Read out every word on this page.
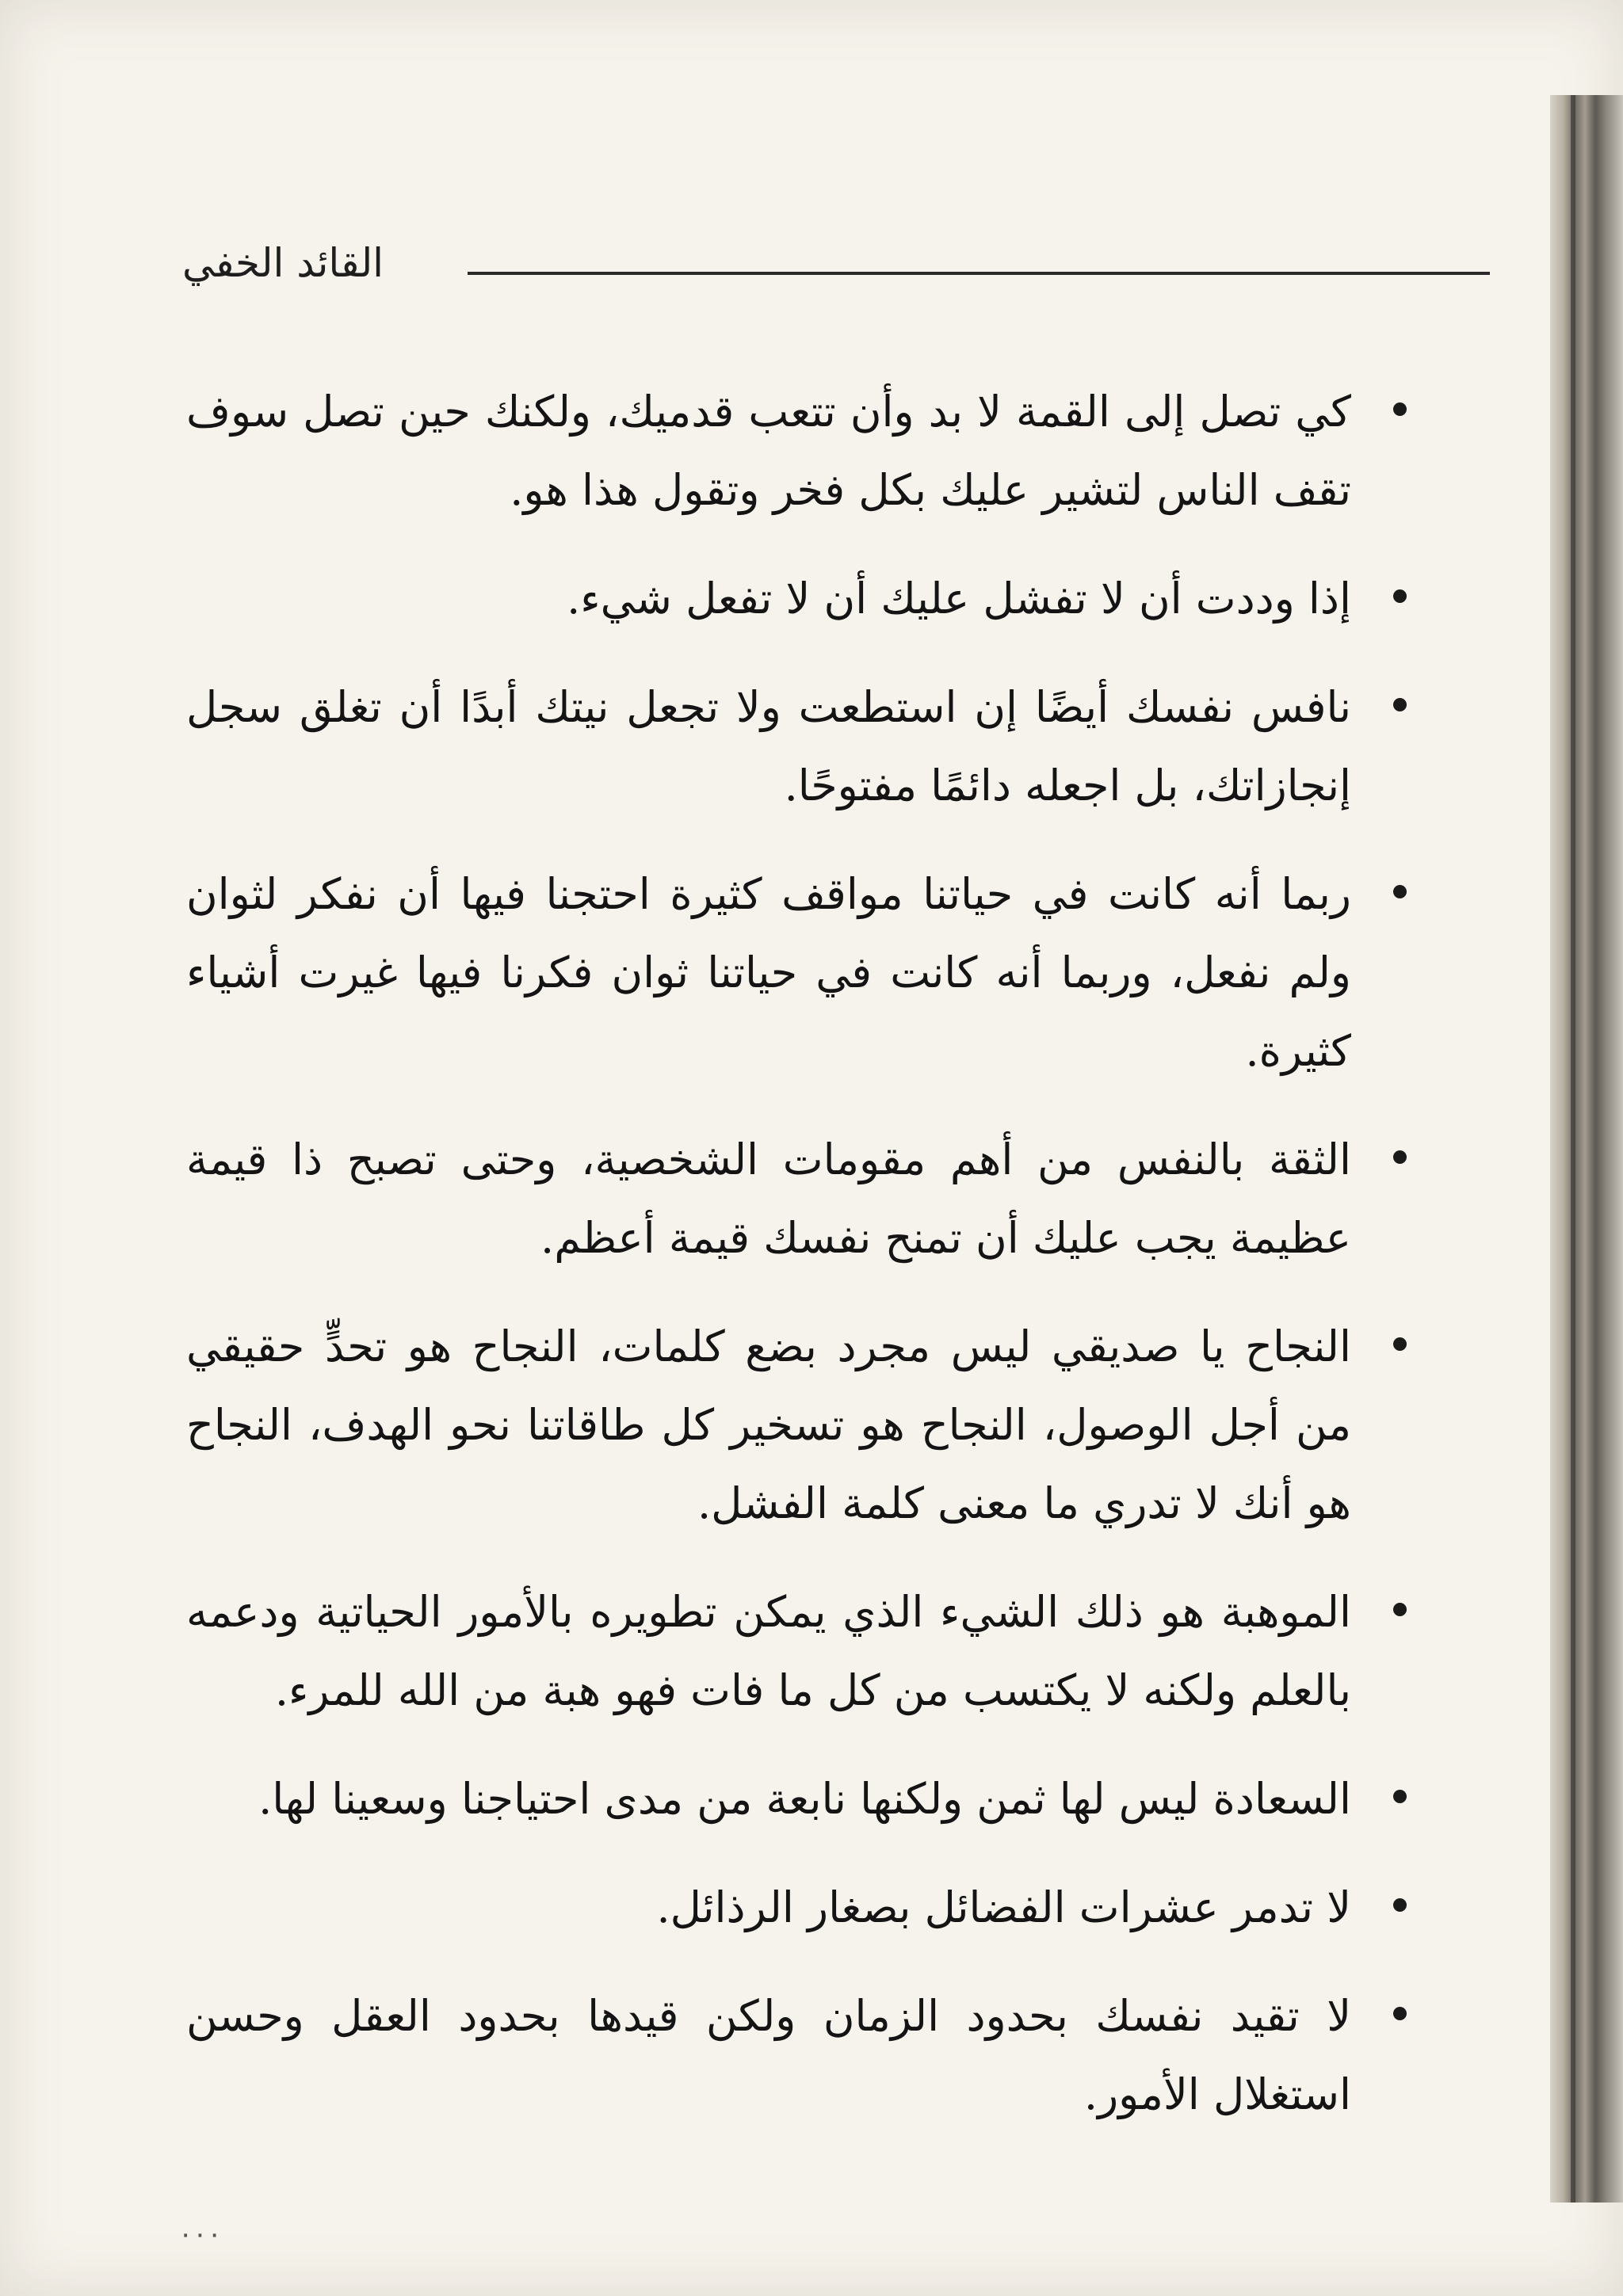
القائد الخفي
كي تصل إلى القمة لا بد وأن تتعب قدميك، ولكنك حين تصل سوف تقف الناس لتشير عليك بكل فخر وتقول هذا هو.
إذا وددت أن لا تفشل عليك أن لا تفعل شيء.
نافس نفسك أيضًا إن استطعت ولا تجعل نيتك أبدًا أن تغلق سجل إنجازاتك، بل اجعله دائمًا مفتوحًا.
ربما أنه كانت في حياتنا مواقف كثيرة احتجنا فيها أن نفكر لثوان ولم نفعل، وربما أنه كانت في حياتنا ثوان فكرنا فيها غيرت أشياء كثيرة.
الثقة بالنفس من أهم مقومات الشخصية، وحتى تصبح ذا قيمة عظيمة يجب عليك أن تمنح نفسك قيمة أعظم.
النجاح يا صديقي ليس مجرد بضع كلمات، النجاح هو تحدٍّ حقيقي من أجل الوصول، النجاح هو تسخير كل طاقاتنا نحو الهدف، النجاح هو أنك لا تدري ما معنى كلمة الفشل.
الموهبة هو ذلك الشيء الذي يمكن تطويره بالأمور الحياتية ودعمه بالعلم ولكنه لا يكتسب من كل ما فات فهو هبة من الله للمرء.
السعادة ليس لها ثمن ولكنها نابعة من مدى احتياجنا وسعينا لها.
لا تدمر عشرات الفضائل بصغار الرذائل.
لا تقيد نفسك بحدود الزمان ولكن قيدها بحدود العقل وحسن استغلال الأمور.
٠٠٠
